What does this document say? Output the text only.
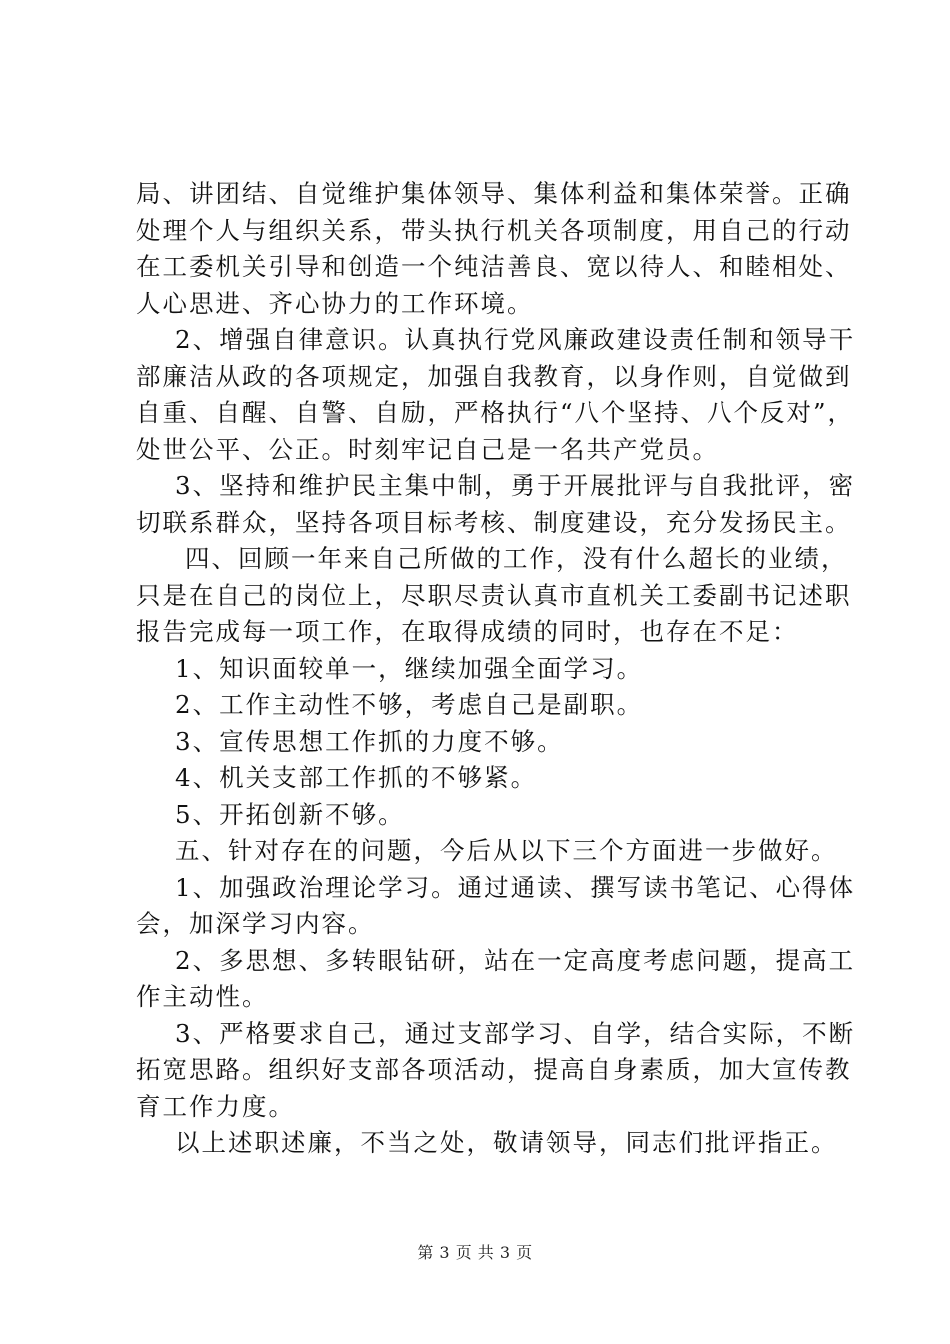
局、讲团结、自觉维护集体领导、集体利益和集体荣誉。正确
处理个人与组织关系，带头执行机关各项制度，用自己的行动
在工委机关引导和创造一个纯洁善良、宽以待人、和睦相处、
人心思进、齐心协力的工作环境。
2、增强自律意识。认真执行党风廉政建设责任制和领导干
部廉洁从政的各项规定，加强自我教育，以身作则，自觉做到
自重、自醒、自警、自励，严格执行“八个坚持、八个反对”，
处世公平、公正。时刻牢记自己是一名共产党员。
3、坚持和维护民主集中制，勇于开展批评与自我批评，密
切联系群众，坚持各项目标考核、制度建设，充分发扬民主。
四、回顾一年来自己所做的工作，没有什么超长的业绩，
只是在自己的岗位上，尽职尽责认真市直机关工委副书记述职
报告完成每一项工作，在取得成绩的同时，也存在不足：
1、知识面较单一，继续加强全面学习。
2、工作主动性不够，考虑自己是副职。
3、宣传思想工作抓的力度不够。
4、机关支部工作抓的不够紧。
5、开拓创新不够。
五、针对存在的问题，今后从以下三个方面进一步做好。
1、加强政治理论学习。通过通读、撰写读书笔记、心得体
会，加深学习内容。
2、多思想、多转眼钻研，站在一定高度考虑问题，提高工
作主动性。
3、严格要求自己，通过支部学习、自学，结合实际，不断
拓宽思路。组织好支部各项活动，提高自身素质，加大宣传教
育工作力度。
以上述职述廉，不当之处，敬请领导，同志们批评指正。
第 3 页 共 3 页
